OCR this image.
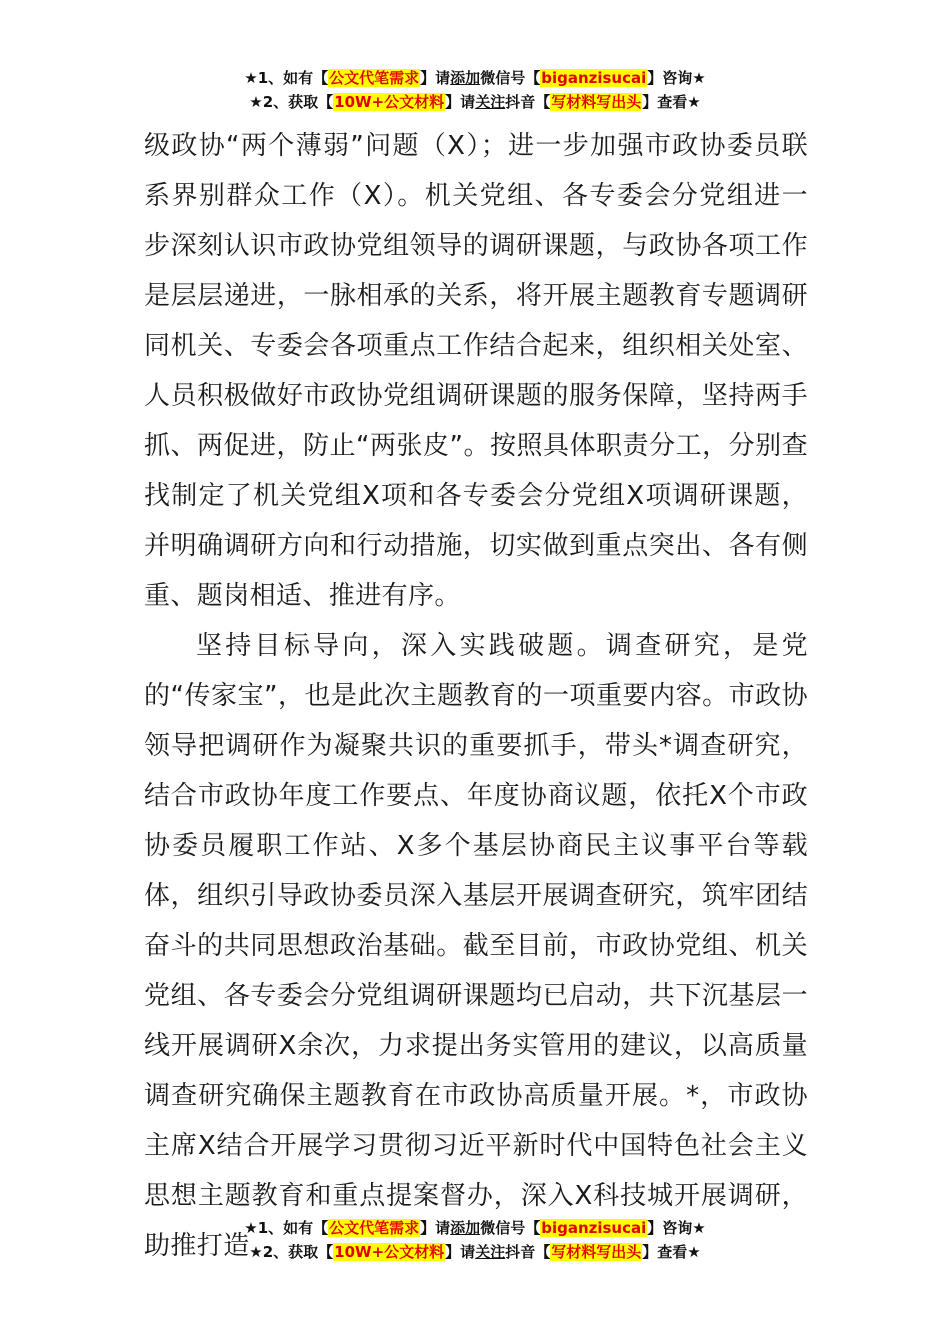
★1、如有【公文代笔需求】请添加微信号【biganzisucai】咨询★
★2、获取【10W+公文材料】请关注抖音【写材料写出头】查看★

级政协“两个薄弱”问题（X）；进一步加强市政协委员联系界别群众工作（X）。机关党组、各专委会分党组进一步深刻认识市政协党组领导的调研课题，与政协各项工作是层层递进，一脉相承的关系，将开展主题教育专题调研同机关、专委会各项重点工作结合起来，组织相关处室、人员积极做好市政协党组调研课题的服务保障，坚持两手抓、两促进，防止“两张皮”。按照具体职责分工，分别查找制定了机关党组X项和各专委会分党组X项调研课题，并明确调研方向和行动措施，切实做到重点突出、各有侧重、题岗相适、推进有序。

坚持目标导向，深入实践破题。调查研究，是党的“传家宝”，也是此次主题教育的一项重要内容。市政协领导把调研作为凝聚共识的重要抓手，带头*调查研究，结合市政协年度工作要点、年度协商议题，依托X个市政协委员履职工作站、X多个基层协商民主议事平台等载体，组织引导政协委员深入基层开展调查研究，筑牢团结奋斗的共同思想政治基础。截至目前，市政协党组、机关党组、各专委会分党组调研课题均已启动，共下沉基层一线开展调研X余次，力求提出务实管用的建议，以高质量调查研究确保主题教育在市政协高质量开展。*，市政协主席X结合开展学习贯彻习近平新时代中国特色社会主义思想主题教育和重点提案督办，深入X科技城开展调研，助推打造

★1、如有【公文代笔需求】请添加微信号【biganzisucai】咨询★
★2、获取【10W+公文材料】请关注抖音【写材料写出头】查看★
